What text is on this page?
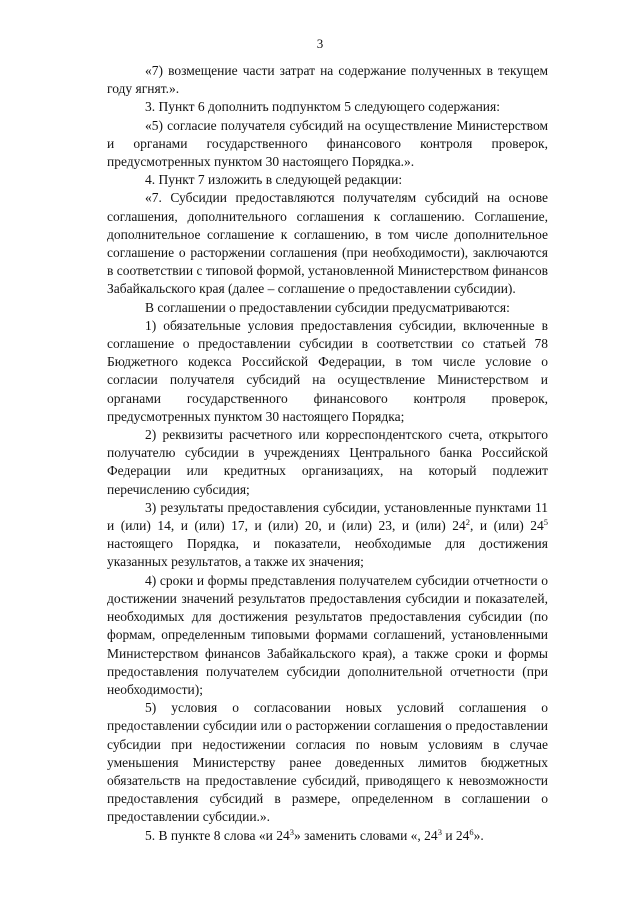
3

«7) возмещение части затрат на содержание полученных в текущем году ягнят.».

3. Пункт 6 дополнить подпунктом 5 следующего содержания:

«5) согласие получателя субсидий на осуществление Министерством и органами государственного финансового контроля проверок, предусмотренных пунктом 30 настоящего Порядка.».

4. Пункт 7 изложить в следующей редакции:

«7. Субсидии предоставляются получателям субсидий на основе соглашения, дополнительного соглашения к соглашению. Соглашение, дополнительное соглашение к соглашению, в том числе дополнительное соглашение о расторжении соглашения (при необходимости), заключаются в соответствии с типовой формой, установленной Министерством финансов Забайкальского края (далее – соглашение о предоставлении субсидии).

В соглашении о предоставлении субсидии предусматриваются:

1) обязательные условия предоставления субсидии, включенные в соглашение о предоставлении субсидии в соответствии со статьей 78 Бюджетного кодекса Российской Федерации, в том числе условие о согласии получателя субсидий на осуществление Министерством и органами государственного финансового контроля проверок, предусмотренных пунктом 30 настоящего Порядка;

2) реквизиты расчетного или корреспондентского счета, открытого получателю субсидии в учреждениях Центрального банка Российской Федерации или кредитных организациях, на который подлежит перечислению субсидия;

3) результаты предоставления субсидии, установленные пунктами 11 и (или) 14, и (или) 17, и (или) 20, и (или) 23, и (или) $24^2$, и (или) $24^5$ настоящего Порядка, и показатели, необходимые для достижения указанных результатов, а также их значения;

4) сроки и формы представления получателем субсидии отчетности о достижении значений результатов предоставления субсидии и показателей, необходимых для достижения результатов предоставления субсидии (по формам, определенным типовыми формами соглашений, установленными Министерством финансов Забайкальского края), а также сроки и формы предоставления получателем субсидии дополнительной отчетности (при необходимости);

5) условия о согласовании новых условий соглашения о предоставлении субсидии или о расторжении соглашения о предоставлении субсидии при недостижении согласия по новым условиям в случае уменьшения Министерству ранее доведенных лимитов бюджетных обязательств на предоставление субсидий, приводящего к невозможности предоставления субсидий в размере, определенном в соглашении о предоставлении субсидии.».

5. В пункте 8 слова «и $24^3$» заменить словами «, $24^3$ и $24^6$».
